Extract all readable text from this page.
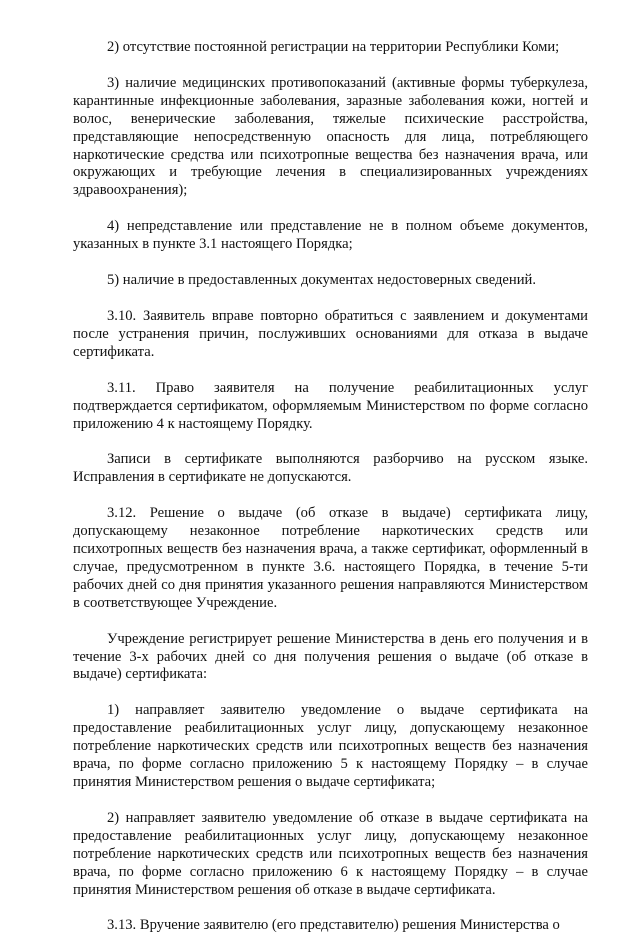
2) отсутствие постоянной регистрации на территории Республики Коми;

3) наличие медицинских противопоказаний (активные формы туберкулеза, карантинные инфекционные заболевания, заразные заболевания кожи, ногтей и волос, венерические заболевания, тяжелые психические расстройства, представляющие непосредственную опасность для лица, потребляющего наркотические средства или психотропные вещества без назначения врача, или окружающих и требующие лечения в специализированных учреждениях здравоохранения);

4) непредставление или представление не в полном объеме документов, указанных в пункте 3.1 настоящего Порядка;

5) наличие в предоставленных документах недостоверных сведений.

3.10. Заявитель вправе повторно обратиться с заявлением и документами после устранения причин, послуживших основаниями для отказа в выдаче сертификата.

3.11. Право заявителя на получение реабилитационных услуг подтверждается сертификатом, оформляемым Министерством по форме согласно приложению 4 к настоящему Порядку.

Записи в сертификате выполняются разборчиво на русском языке. Исправления в сертификате не допускаются.

3.12. Решение о выдаче (об отказе в выдаче) сертификата лицу, допускающему незаконное потребление наркотических средств или психотропных веществ без назначения врача, а также сертификат, оформленный в случае, предусмотренном в пункте 3.6. настоящего Порядка, в течение 5-ти рабочих дней со дня принятия указанного решения направляются Министерством в соответствующее Учреждение.

Учреждение регистрирует решение Министерства в день его получения и в течение 3-х рабочих дней со дня получения решения о выдаче (об отказе в выдаче) сертификата:

1) направляет заявителю уведомление о выдаче сертификата на предоставление реабилитационных услуг лицу, допускающему незаконное потребление наркотических средств или психотропных веществ без назначения врача, по форме согласно приложению 5 к настоящему Порядку – в случае принятия Министерством решения о выдаче сертификата;

2) направляет заявителю уведомление об отказе в выдаче сертификата на предоставление реабилитационных услуг лицу, допускающему незаконное потребление наркотических средств или психотропных веществ без назначения врача, по форме согласно приложению 6 к настоящему Порядку – в случае принятия Министерством решения об отказе в выдаче сертификата.

3.13. Вручение заявителю (его представителю) решения Министерства о
